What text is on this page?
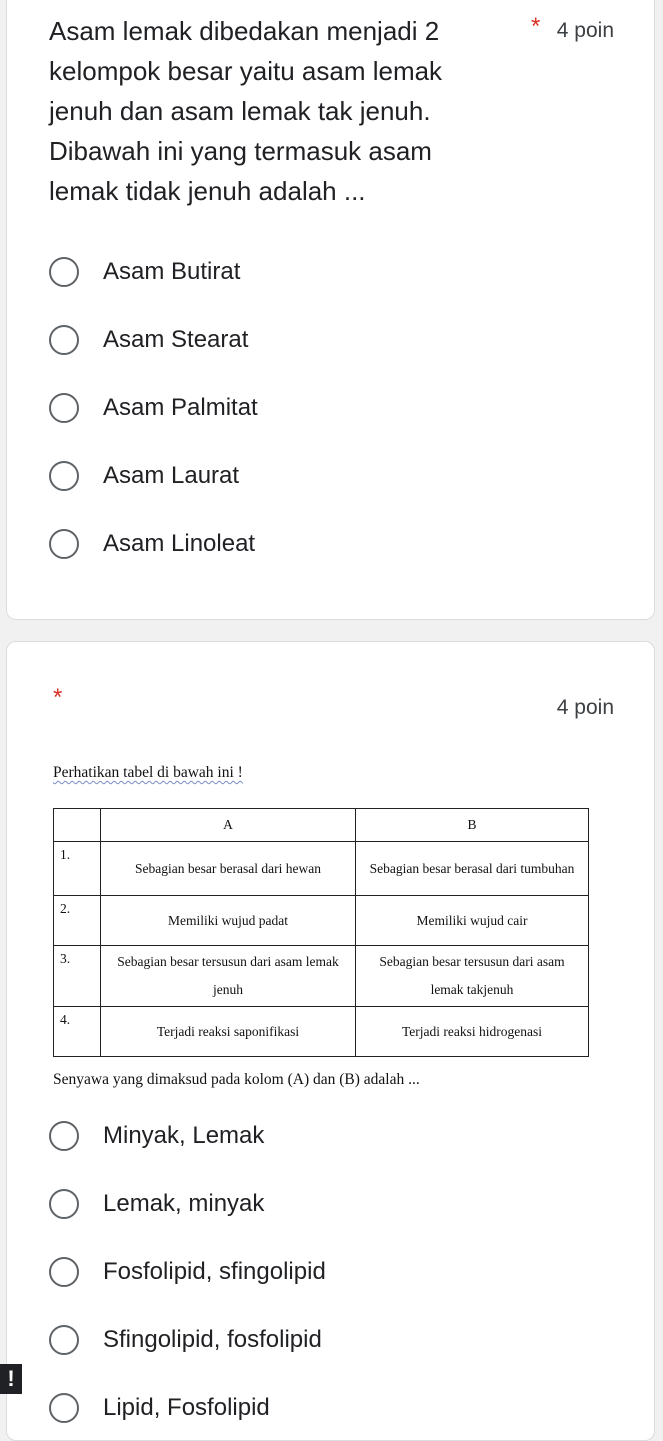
Asam lemak dibedakan menjadi 2 kelompok besar yaitu asam lemak jenuh dan asam lemak tak jenuh. Dibawah ini yang termasuk asam lemak tidak jenuh adalah ...

* 4 poin
Asam Butirat
Asam Stearat
Asam Palmitat
Asam Laurat
Asam Linoleat
*	4 poin
Perhatikan tabel di bawah ini !
	A	B
1.	Sebagian besar berasal dari hewan	Sebagian besar berasal dari tumbuhan
2.	Memiliki wujud padat	Memiliki wujud cair
3.	Sebagian besar tersusun dari asam lemak jenuh	Sebagian besar tersusun dari asam lemak takjenuh
4.	Terjadi reaksi saponifikasi	Terjadi reaksi hidrogenasi
Senyawa yang dimaksud pada kolom (A) dan (B) adalah ...
Minyak, Lemak
Lemak, minyak
Fosfolipid, sfingolipid
Sfingolipid, fosfolipid
Lipid, Fosfolipid
!
